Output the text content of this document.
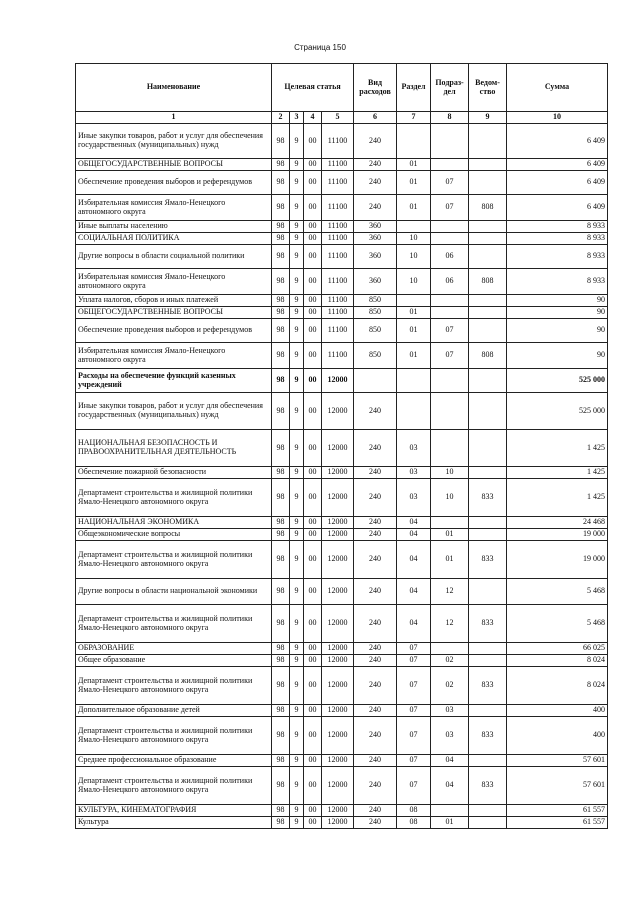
Страница 150
Наименование	Целевая статья				Вид расходов	Раздел	Подраз-дел	Ведом-ство	Сумма
1	2	3	4	5	6	7	8	9	10
Иные закупки товаров, работ и услуг для обеспечения государственных (муниципальных) нужд	98	9	00	11100	240				6 409
ОБЩЕГОСУДАРСТВЕННЫЕ ВОПРОСЫ	98	9	00	11100	240	01			6 409
Обеспечение проведения выборов и референдумов	98	9	00	11100	240	01	07		6 409
Избирательная комиссия Ямало-Ненецкого автономного округа	98	9	00	11100	240	01	07	808	6 409
Иные выплаты населению	98	9	00	11100	360				8 933
СОЦИАЛЬНАЯ ПОЛИТИКА	98	9	00	11100	360	10			8 933
Другие вопросы в области социальной политики	98	9	00	11100	360	10	06		8 933
Избирательная комиссия Ямало-Ненецкого автономного округа	98	9	00	11100	360	10	06	808	8 933
Уплата налогов, сборов и иных платежей	98	9	00	11100	850				90
ОБЩЕГОСУДАРСТВЕННЫЕ ВОПРОСЫ	98	9	00	11100	850	01			90
Обеспечение проведения выборов и референдумов	98	9	00	11100	850	01	07		90
Избирательная комиссия Ямало-Ненецкого автономного округа	98	9	00	11100	850	01	07	808	90
Расходы на обеспечение функций казенных учреждений	98	9	00	12000					525 000
Иные закупки товаров, работ и услуг для обеспечения государственных (муниципальных) нужд	98	9	00	12000	240				525 000
НАЦИОНАЛЬНАЯ БЕЗОПАСНОСТЬ И ПРАВООХРАНИТЕЛЬНАЯ ДЕЯТЕЛЬНОСТЬ	98	9	00	12000	240	03			1 425
Обеспечение пожарной безопасности	98	9	00	12000	240	03	10		1 425
Департамент строительства и жилищной политики Ямало-Ненецкого автономного округа	98	9	00	12000	240	03	10	833	1 425
НАЦИОНАЛЬНАЯ ЭКОНОМИКА	98	9	00	12000	240	04			24 468
Общеэкономические вопросы	98	9	00	12000	240	04	01		19 000
Департамент строительства и жилищной политики Ямало-Ненецкого автономного округа	98	9	00	12000	240	04	01	833	19 000
Другие вопросы в области национальной экономики	98	9	00	12000	240	04	12		5 468
Департамент строительства и жилищной политики Ямало-Ненецкого автономного округа	98	9	00	12000	240	04	12	833	5 468
ОБРАЗОВАНИЕ	98	9	00	12000	240	07			66 025
Общее образование	98	9	00	12000	240	07	02		8 024
Департамент строительства и жилищной политики Ямало-Ненецкого автономного округа	98	9	00	12000	240	07	02	833	8 024
Дополнительное образование детей	98	9	00	12000	240	07	03		400
Департамент строительства и жилищной политики Ямало-Ненецкого автономного округа	98	9	00	12000	240	07	03	833	400
Среднее профессиональное образование	98	9	00	12000	240	07	04		57 601
Департамент строительства и жилищной политики Ямало-Ненецкого автономного округа	98	9	00	12000	240	07	04	833	57 601
КУЛЬТУРА, КИНЕМАТОГРАФИЯ	98	9	00	12000	240	08			61 557
Культура	98	9	00	12000	240	08	01		61 557
